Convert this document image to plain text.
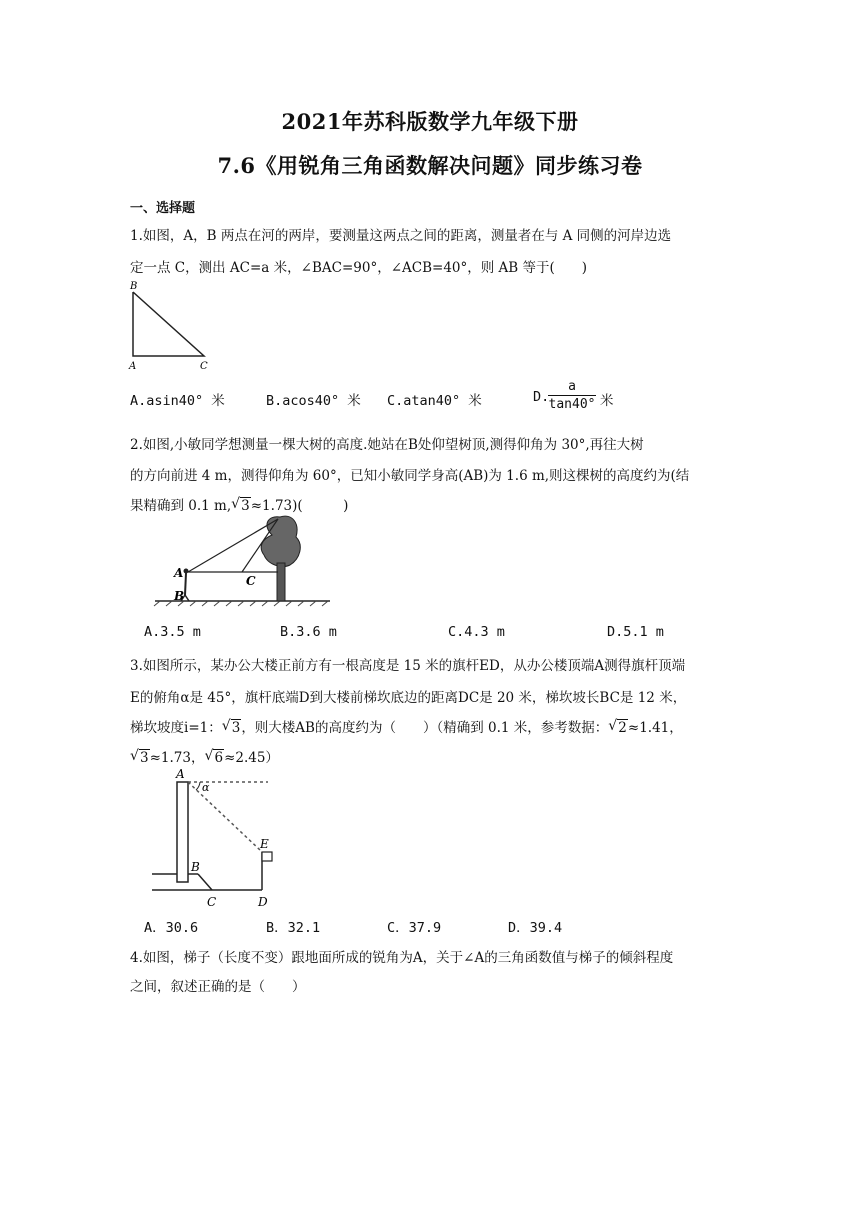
2021年苏科版数学九年级下册
7.6《用锐角三角函数解决问题》同步练习卷
一、选择题
1.如图，A，B 两点在河的两岸，要测量这两点之间的距离，测量者在与 A 同侧的河岸边选
定一点 C，测出 AC=a 米，∠BAC=90°，∠ACB=40°，则 AB 等于(　　)
B
A	C
A.asin40° 米	B.acos40° 米 C.atan40° 米	D.
a
tan40° 米
2.如图,小敏同学想测量一棵大树的高度.她站在B处仰望树顶,测得仰角为 30°,再往大树
的方向前进 4 m，测得仰角为 60°，已知小敏同学身高(AB)为 1.6 m,则这棵树的高度约为(结
果精确到 0.1 m, √ 3≈1.73)(　　　)
A
B
C
A.3.5 m	B.3.6 m	C.4.3 m	D.5.1 m
3.如图所示，某办公大楼正前方有一根高度是 15 米的旗杆ED，从办公楼顶端A测得旗杆顶端
E的俯角α是 45°，旗杆底端D到大楼前梯坎底边的距离DC是 20 米，梯坎坡长BC是 12 米，
梯坎坡度i=1： √ 3，则大楼AB的高度约为（　　）（精确到 0.1 米，参考数据： √ 2≈1.41，
√ 3≈1.73， √ 6≈2.45）
A
α
E
B
C	D
A．30.6	B．32.1	C．37.9	D．39.4
4.如图，梯子（长度不变）跟地面所成的锐角为A，关于∠A的三角函数值与梯子的倾斜程度
之间，叙述正确的是（　　）
